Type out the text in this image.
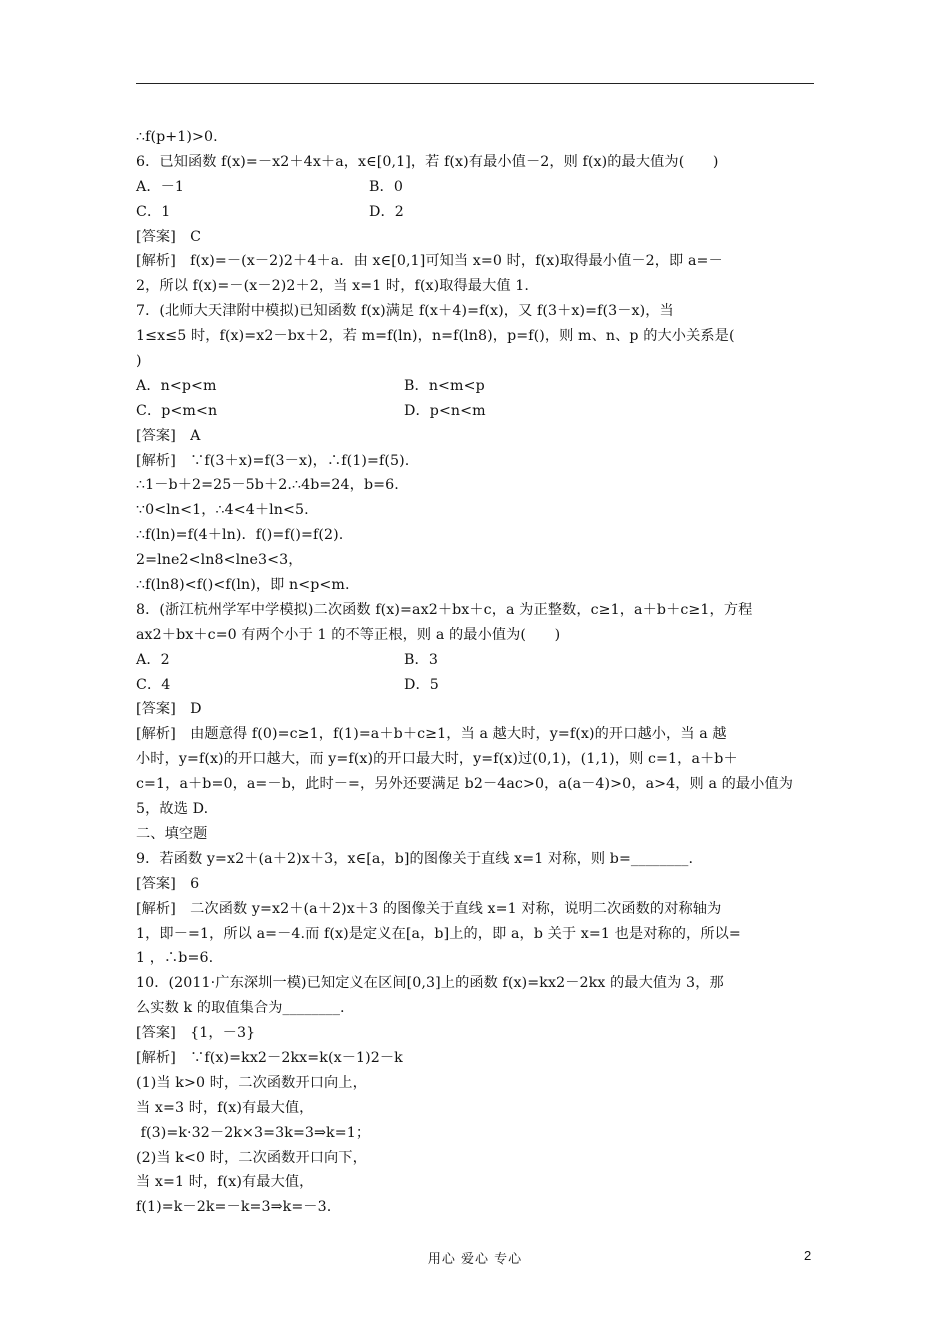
∴f(p+1)>0.
6．已知函数 f(x)=－x2＋4x＋a，x∈[0,1]，若 f(x)有最小值－2，则 f(x)的最大值为(　　)
A．－1	B．0
C．1	D．2
[答案]　C
[解析]　f(x)=－(x－2)2＋4＋a．由 x∈[0,1]可知当 x=0 时，f(x)取得最小值－2，即 a=－
2，所以 f(x)=－(x－2)2＋2，当 x=1 时，f(x)取得最大值 1.
7．(北师大天津附中模拟)已知函数 f(x)满足 f(x＋4)=f(x)，又 f(3＋x)=f(3－x)，当
1≤x≤5 时，f(x)=x2－bx＋2，若 m=f(ln)，n=f(ln8)，p=f()，则 m、n、p 的大小关系是(
)
A．n<p<m	B．n<m<p
C．p<m<n	D．p<n<m
[答案]　A
[解析]　∵f(3＋x)=f(3－x)，∴f(1)=f(5).
∴1－b＋2=25－5b＋2.∴4b=24，b=6.
∵0<ln<1，∴4<4＋ln<5.
∴f(ln)=f(4＋ln)．f()=f()=f(2).
2=lne2<ln8<lne3<3，
∴f(ln8)<f()<f(ln)，即 n<p<m.
8．(浙江杭州学军中学模拟)二次函数 f(x)=ax2＋bx＋c，a 为正整数，c≥1，a＋b＋c≥1，方程
ax2＋bx＋c=0 有两个小于 1 的不等正根，则 a 的最小值为(　　)
A．2	B．3
C．4	D．5
[答案]　D
[解析]　由题意得 f(0)=c≥1，f(1)=a＋b＋c≥1，当 a 越大时，y=f(x)的开口越小，当 a 越
小时，y=f(x)的开口越大，而 y=f(x)的开口最大时，y=f(x)过(0,1)，(1,1)，则 c=1，a＋b＋
c=1，a＋b=0，a=－b，此时－=，另外还要满足 b2－4ac>0，a(a－4)>0，a>4，则 a 的最小值为
5，故选 D.
二、填空题
9．若函数 y=x2＋(a＋2)x＋3，x∈[a，b]的图像关于直线 x=1 对称，则 b=________.
[答案]　6
[解析]　二次函数 y=x2＋(a＋2)x＋3 的图像关于直线 x=1 对称，说明二次函数的对称轴为
1，即－=1，所以 a=－4.而 f(x)是定义在[a，b]上的，即 a，b 关于 x=1 也是对称的，所以=
1 ，∴b=6.
10．(2011·广东深圳一模)已知定义在区间[0,3]上的函数 f(x)=kx2－2kx 的最大值为 3，那
么实数 k 的取值集合为________.
[答案]　{1，－3}
[解析]　∵f(x)=kx2－2kx=k(x－1)2－k
(1)当 k>0 时，二次函数开口向上，
当 x=3 时，f(x)有最大值，
f(3)=k·32－2k×3=3k=3⇒k=1；
(2)当 k<0 时，二次函数开口向下，
当 x=1 时，f(x)有最大值，
f(1)=k－2k=－k=3⇒k=－3.
用心 爱心 专心	2
